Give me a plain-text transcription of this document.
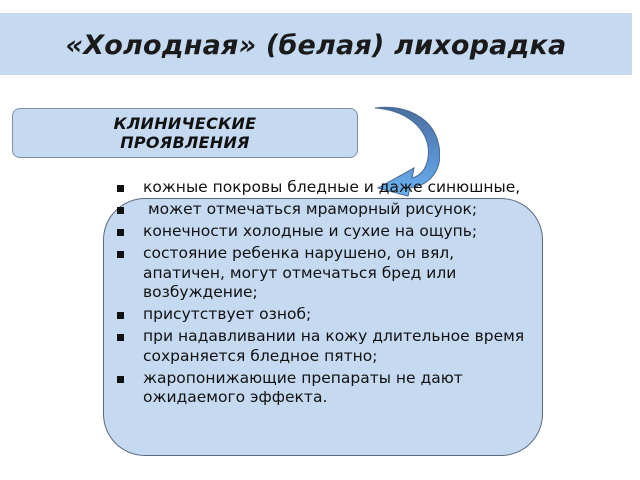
«Холодная» (белая) лихорадка
КЛИНИЧЕСКИЕ
ПРОЯВЛЕНИЯ
кожные покровы бледные и даже синюшные,
может отмечаться мраморный рисунок;
конечности холодные и сухие на ощупь;
состояние ребенка нарушено, он вял, апатичен, могут отмечаться бред или возбуждение;
присутствует озноб;
при надавливании на кожу длительное время сохраняется бледное пятно;
жаропонижающие препараты не дают ожидаемого эффекта.
